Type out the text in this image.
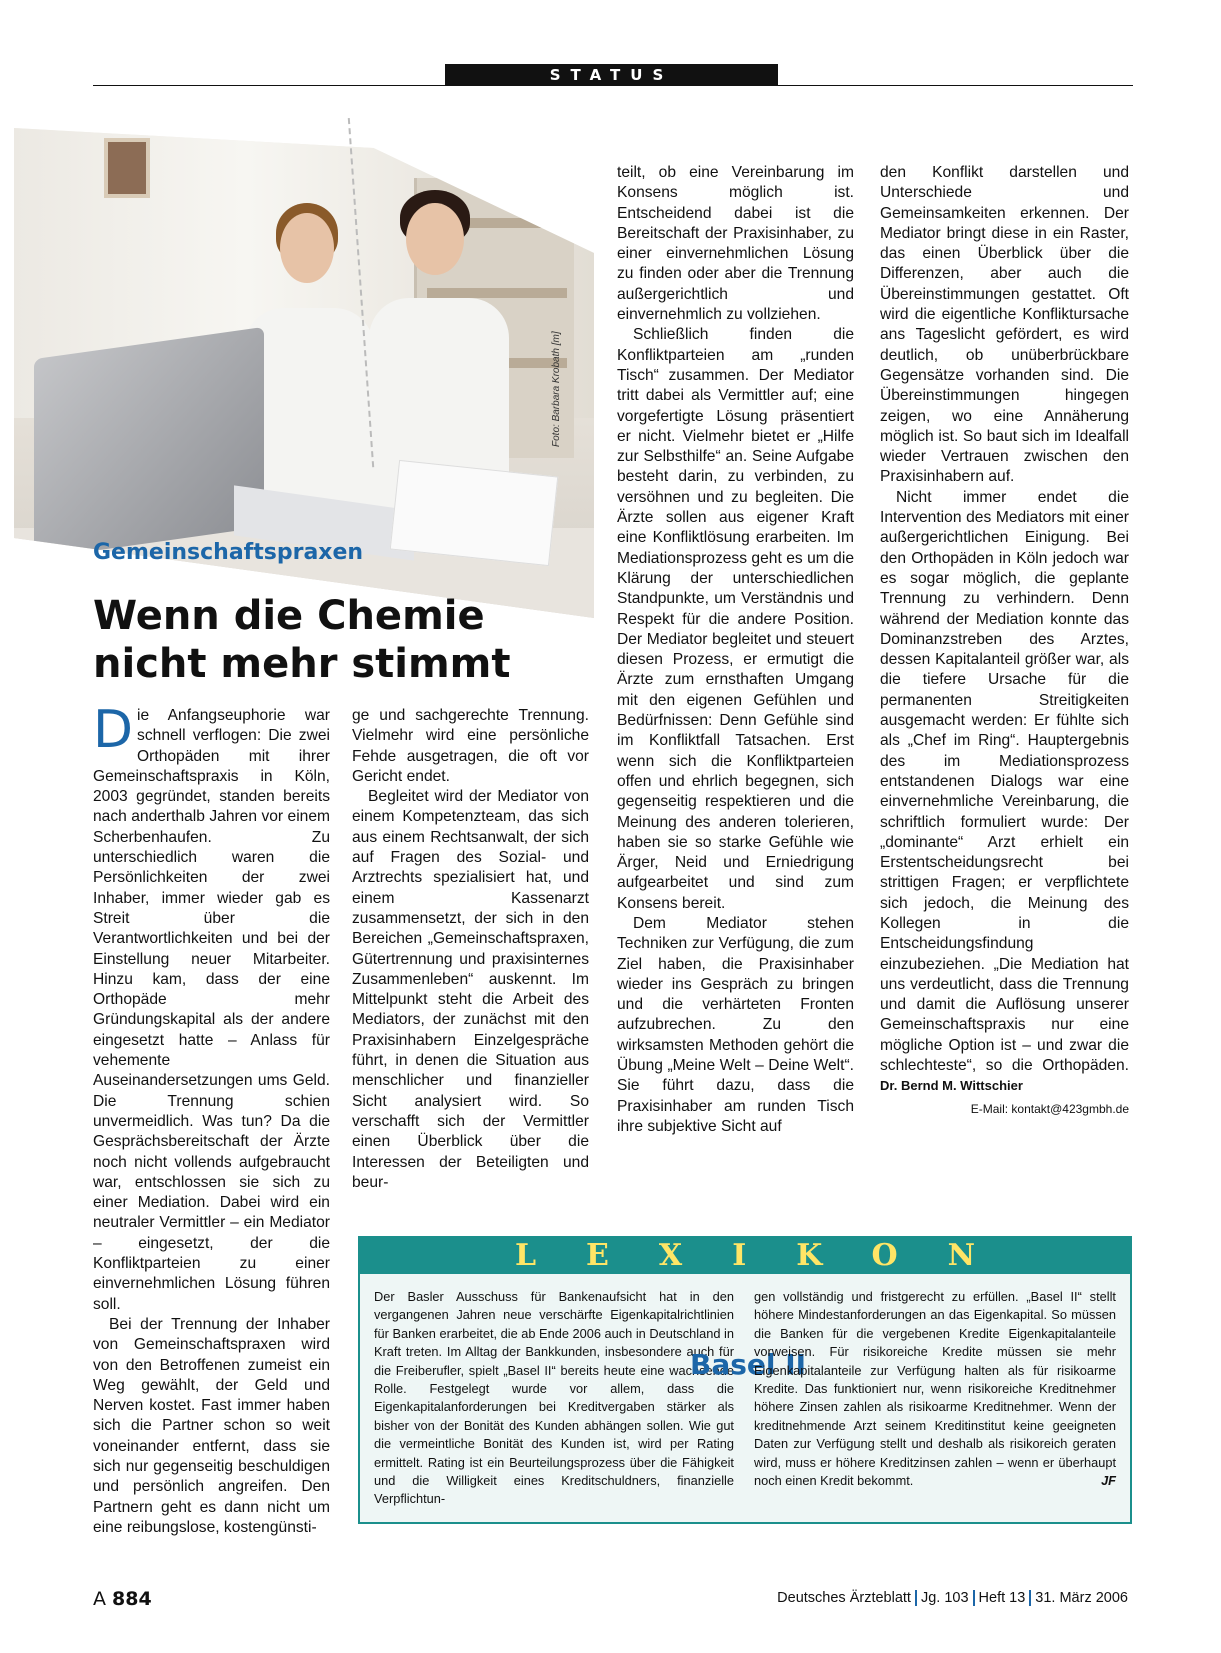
STATUS
Foto: Barbara Krobath [m]
Gemeinschaftspraxen
Wenn die Chemie nicht mehr stimmt

Die Anfangseuphorie war schnell verflogen: Die zwei Orthopäden mit ihrer Gemeinschaftspraxis in Köln, 2003 gegründet, standen bereits nach anderthalb Jahren vor einem Scherbenhaufen. Zu unterschiedlich waren die Persönlichkeiten der zwei Inhaber, immer wieder gab es Streit über die Verantwortlichkeiten und bei der Einstellung neuer Mitarbeiter. Hinzu kam, dass der eine Orthopäde mehr Gründungskapital als der andere eingesetzt hatte – Anlass für vehemente Auseinandersetzungen ums Geld. Die Trennung schien unvermeidlich. Was tun? Da die Gesprächsbereitschaft der Ärzte noch nicht vollends aufgebraucht war, entschlossen sie sich zu einer Mediation. Dabei wird ein neutraler Vermittler – ein Mediator – eingesetzt, der die Konfliktparteien zu einer einvernehmlichen Lösung führen soll.

Bei der Trennung der Inhaber von Gemeinschaftspraxen wird von den Betroffenen zumeist ein Weg gewählt, der Geld und Nerven kostet. Fast immer haben sich die Partner schon so weit voneinander entfernt, dass sie sich nur gegenseitig beschuldigen und persönlich angreifen. Den Partnern geht es dann nicht um eine reibungslose, kostengünsti-

ge und sachgerechte Trennung. Vielmehr wird eine persönliche Fehde ausgetragen, die oft vor Gericht endet.

Begleitet wird der Mediator von einem Kompetenzteam, das sich aus einem Rechtsanwalt, der sich auf Fragen des Sozial- und Arztrechts spezialisiert hat, und einem Kassenarzt zusammensetzt, der sich in den Bereichen „Gemeinschaftspraxen, Gütertrennung und praxisinternes Zusammenleben“ auskennt. Im Mittelpunkt steht die Arbeit des Mediators, der zunächst mit den Praxisinhabern Einzelgespräche führt, in denen die Situation aus menschlicher und finanzieller Sicht analysiert wird. So verschafft sich der Vermittler einen Überblick über die Interessen der Beteiligten und beur-

teilt, ob eine Vereinbarung im Konsens möglich ist. Entscheidend dabei ist die Bereitschaft der Praxisinhaber, zu einer einvernehmlichen Lösung zu finden oder aber die Trennung außergerichtlich und einvernehmlich zu vollziehen.

Schließlich finden die Konfliktparteien am „runden Tisch“ zusammen. Der Mediator tritt dabei als Vermittler auf; eine vorgefertigte Lösung präsentiert er nicht. Vielmehr bietet er „Hilfe zur Selbsthilfe“ an. Seine Aufgabe besteht darin, zu verbinden, zu versöhnen und zu begleiten. Die Ärzte sollen aus eigener Kraft eine Konfliktlösung erarbeiten. Im Mediationsprozess geht es um die Klärung der unterschiedlichen Standpunkte, um Verständnis und Respekt für die andere Position. Der Mediator begleitet und steuert diesen Prozess, er ermutigt die Ärzte zum ernsthaften Umgang mit den eigenen Gefühlen und Bedürfnissen: Denn Gefühle sind im Konfliktfall Tatsachen. Erst wenn sich die Konfliktparteien offen und ehrlich begegnen, sich gegenseitig respektieren und die Meinung des anderen tolerieren, haben sie so starke Gefühle wie Ärger, Neid und Erniedrigung aufgearbeitet und sind zum Konsens bereit.

Dem Mediator stehen Techniken zur Verfügung, die zum Ziel haben, die Praxisinhaber wieder ins Gespräch zu bringen und die verhärteten Fronten aufzubrechen. Zu den wirksamsten Methoden gehört die Übung „Meine Welt – Deine Welt“. Sie führt dazu, dass die Praxisinhaber am runden Tisch ihre subjektive Sicht auf

den Konflikt darstellen und Unterschiede und Gemeinsamkeiten erkennen. Der Mediator bringt diese in ein Raster, das einen Überblick über die Differenzen, aber auch die Übereinstimmungen gestattet. Oft wird die eigentliche Konfliktursache ans Tageslicht gefördert, es wird deutlich, ob unüberbrückbare Gegensätze vorhanden sind. Die Übereinstimmungen hingegen zeigen, wo eine Annäherung möglich ist. So baut sich im Idealfall wieder Vertrauen zwischen den Praxisinhabern auf.

Nicht immer endet die Intervention des Mediators mit einer außergerichtlichen Einigung. Bei den Orthopäden in Köln jedoch war es sogar möglich, die geplante Trennung zu verhindern. Denn während der Mediation konnte das Dominanzstreben des Arztes, dessen Kapitalanteil größer war, als die tiefere Ursache für die permanenten Streitigkeiten ausgemacht werden: Er fühlte sich als „Chef im Ring“. Hauptergebnis des im Mediationsprozess entstandenen Dialogs war eine einvernehmliche Vereinbarung, die schriftlich formuliert wurde: Der „dominante“ Arzt erhielt ein Erstentscheidungsrecht bei strittigen Fragen; er verpflichtete sich jedoch, die Meinung des Kollegen in die Entscheidungsfindung einzubeziehen. „Die Mediation hat uns verdeutlicht, dass die Trennung und damit die Auflösung unserer Gemeinschaftspraxis nur eine mögliche Option ist – und zwar die schlechteste“, so die Orthopäden. Dr. Bernd M. Wittschier

E-Mail: kontakt@423gmbh.de
LEXIKON
Der Basler Ausschuss für Bankenaufsicht hat in den vergangenen Jahren neue verschärfte Eigenkapitalrichtlinien für Banken erarbeitet, die ab Ende 2006 auch in Deutschland in Kraft treten. Im Alltag der Bankkunden, insbesondere auch für die Freiberufler, spielt „Basel II“ bereits heute eine wachsende Rolle. Festgelegt wurde vor allem, dass die Eigenkapitalanforderungen bei Kreditvergaben stärker als bisher von der Bonität des Kunden abhängen sollen. Wie gut die vermeintliche Bonität des Kunden ist, wird per Rating ermittelt. Rating ist ein Beurteilungsprozess über die Fähigkeit und die Willigkeit eines Kreditschuldners, finanzielle Verpflichtun-
Basel II
gen vollständig und fristgerecht zu erfüllen. „Basel II“ stellt höhere Mindestanforderungen an das Eigenkapital. So müssen die Banken für die vergebenen Kredite Eigenkapitalanteile vorweisen. Für risikoreiche Kredite müssen sie mehr Eigenkapitalanteile zur Verfügung halten als für risikoarme Kredite. Das funktioniert nur, wenn risikoreiche Kreditnehmer höhere Zinsen zahlen als risikoarme Kreditnehmer. Wenn der kreditnehmende Arzt seinem Kreditinstitut keine geeigneten Daten zur Verfügung stellt und deshalb als risikoreich geraten wird, muss er höhere Kreditzinsen zahlen – wenn er überhaupt noch einen Kredit bekommt.	JF
A 884	Deutsches Ärzteblatt Jg. 103 Heft 13 31. März 2006
